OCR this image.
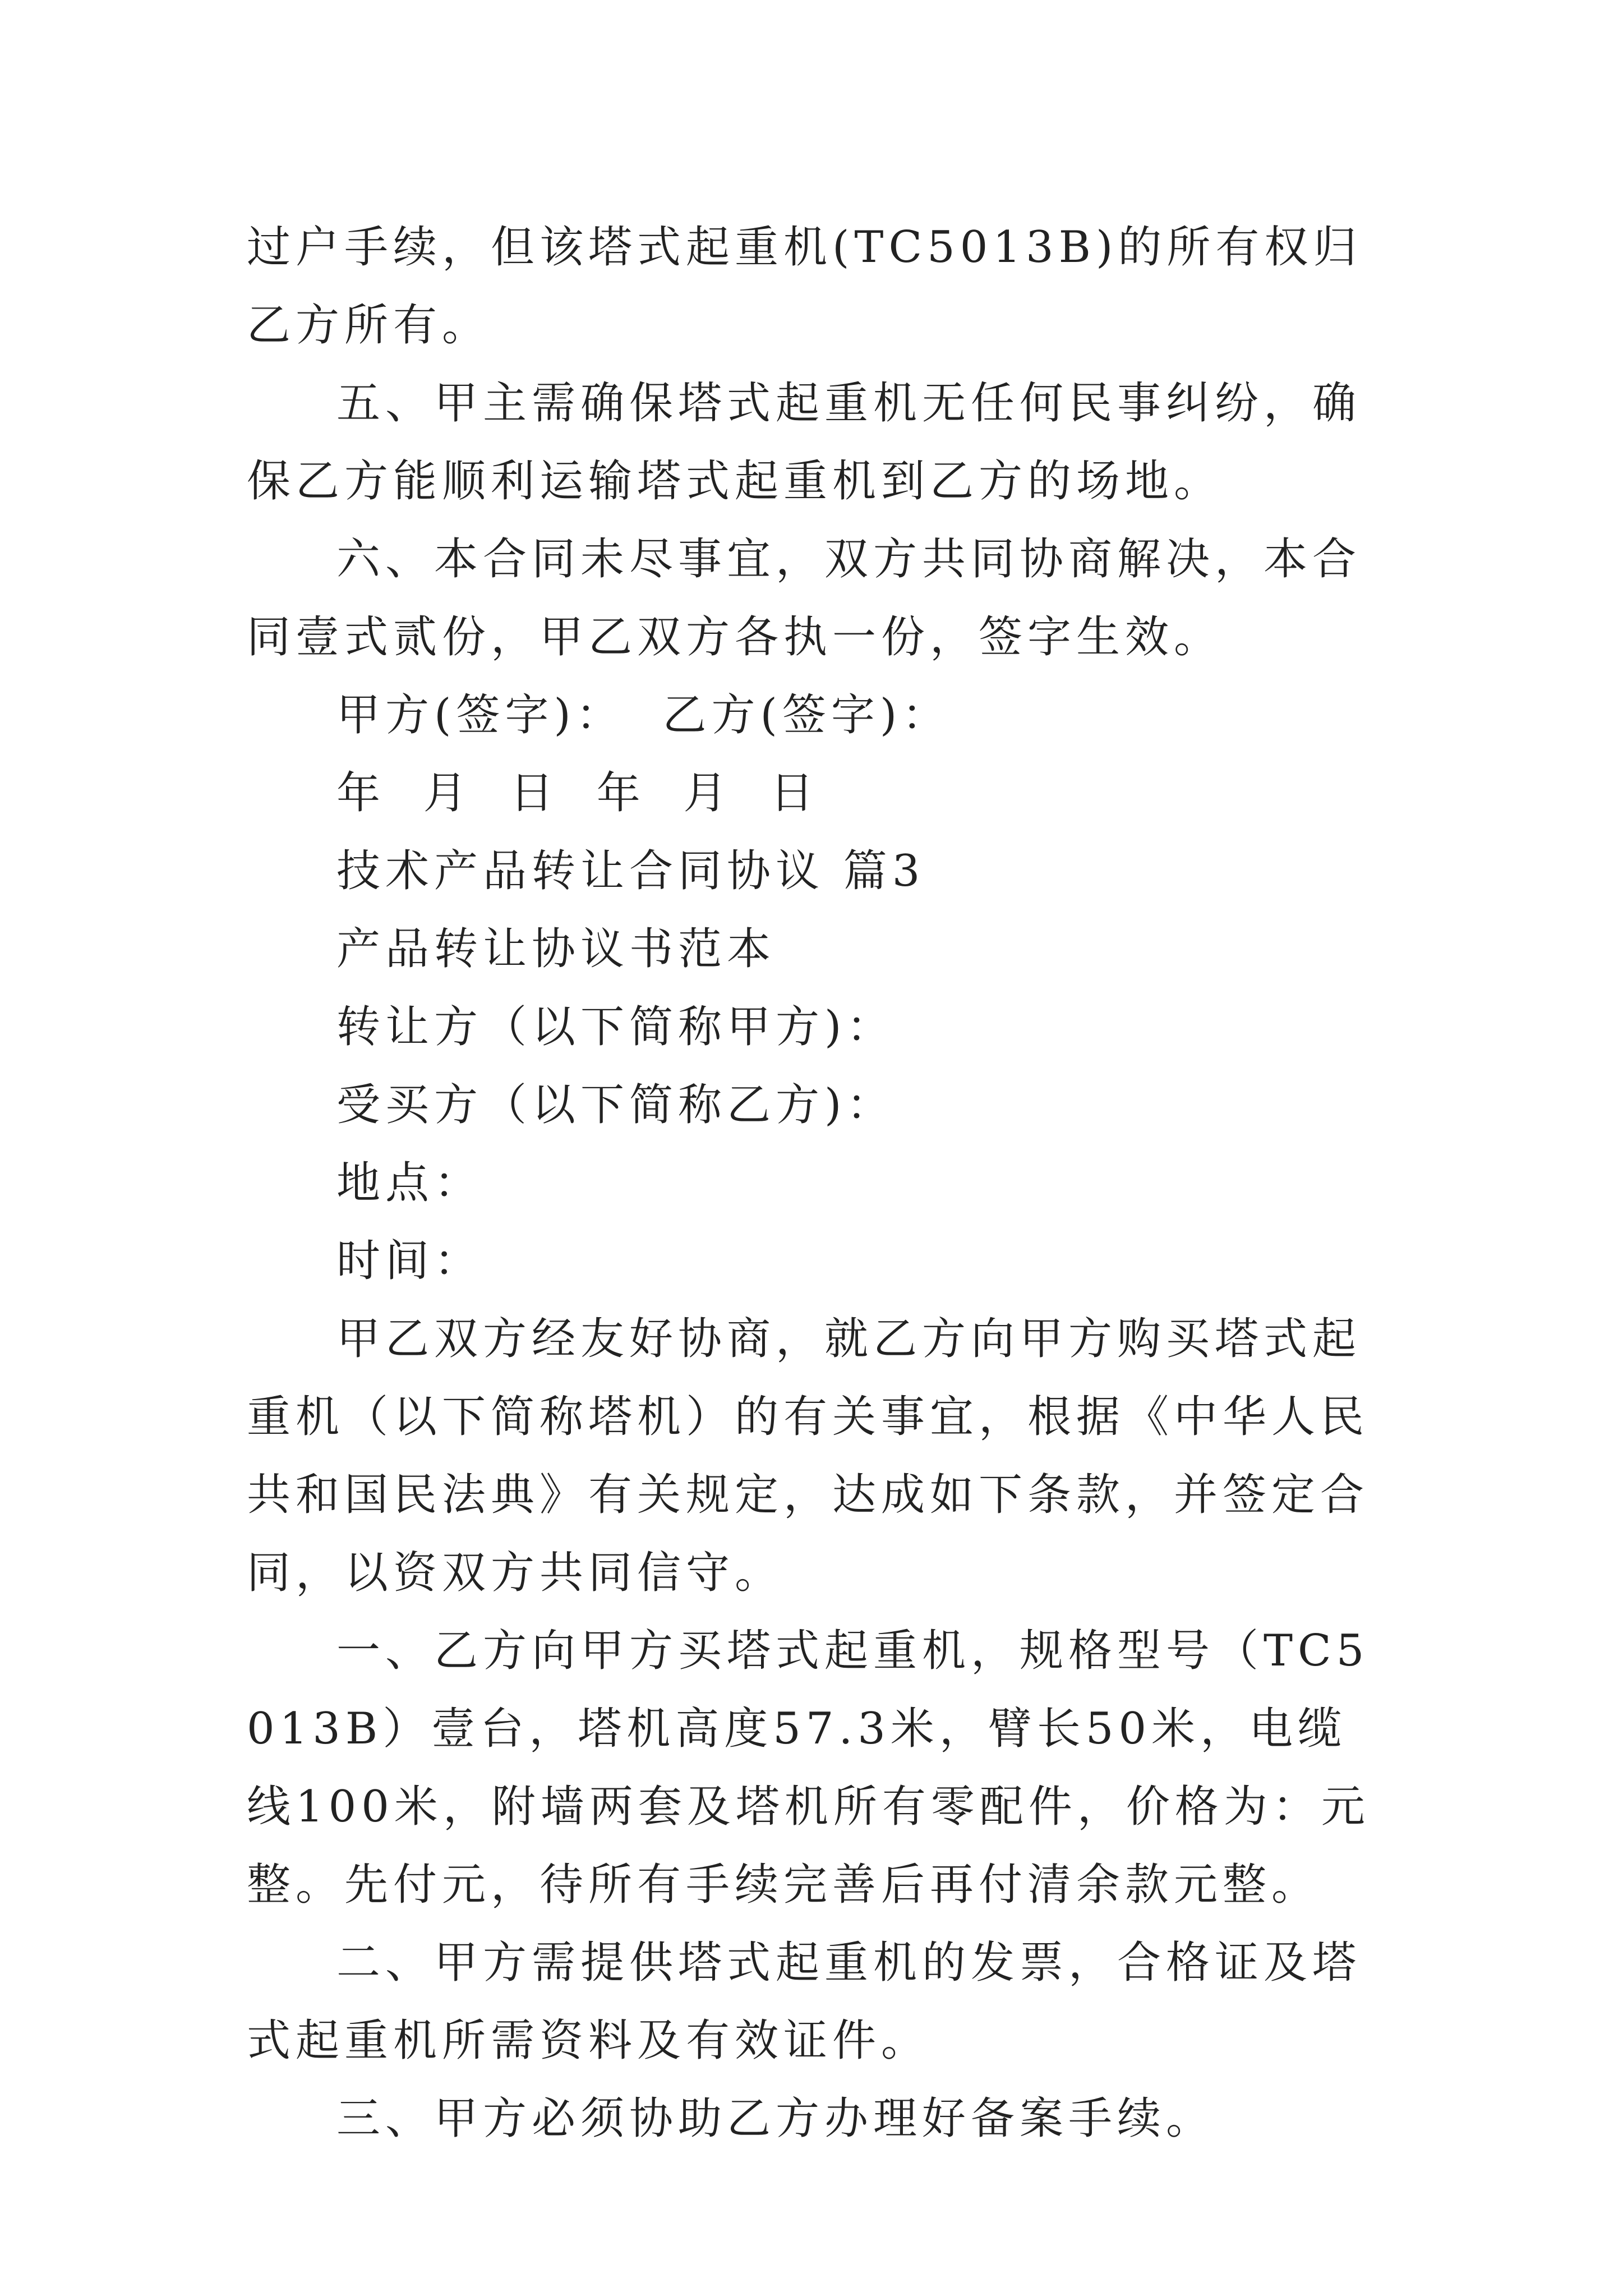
过户手续，但该塔式起重机(TC5013B)的所有权归乙方所有。

五、甲主需确保塔式起重机无任何民事纠纷，确保乙方能顺利运输塔式起重机到乙方的场地。

六、本合同未尽事宜，双方共同协商解决，本合同壹式贰份，甲乙双方各执一份，签字生效。

甲方(签字)：  乙方(签字)：

年  月  日  年  月  日

技术产品转让合同协议 篇3

产品转让协议书范本

转让方（以下简称甲方)：

受买方（以下简称乙方)：

地点：

时间：

甲乙双方经友好协商，就乙方向甲方购买塔式起重机（以下简称塔机）的有关事宜，根据《中华人民共和国民法典》有关规定，达成如下条款，并签定合同，以资双方共同信守。

一、乙方向甲方买塔式起重机，规格型号（TC5013B）壹台，塔机高度57.3米，臂长50米，电缆线100米，附墙两套及塔机所有零配件，价格为：元整。先付元，待所有手续完善后再付清余款元整。

二、甲方需提供塔式起重机的发票，合格证及塔式起重机所需资料及有效证件。

三、甲方必须协助乙方办理好备案手续。
